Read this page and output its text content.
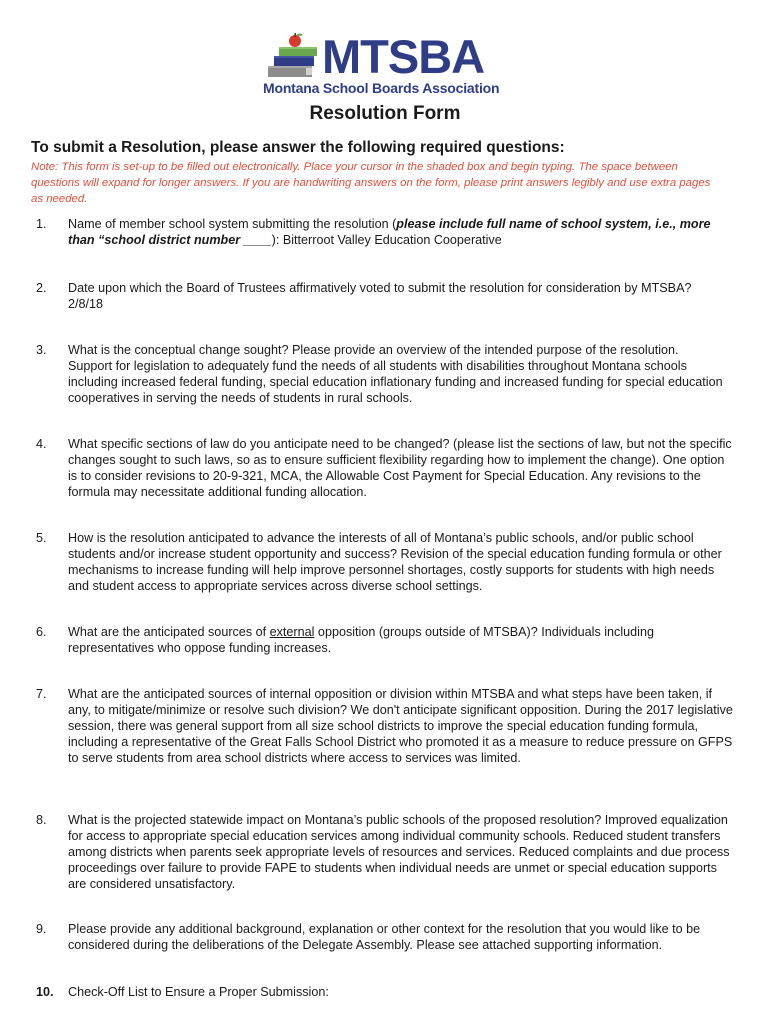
MTSBA
Montana School Boards Association
Resolution Form
To submit a Resolution, please answer the following required questions:
Note: This form is set-up to be filled out electronically. Place your cursor in the shaded box and begin typing. The space between questions will expand for longer answers. If you are handwriting answers on the form, please print answers legibly and use extra pages as needed.
1. Name of member school system submitting the resolution (please include full name of school system, i.e., more than “school district number ____): Bitterroot Valley Education Cooperative
2. Date upon which the Board of Trustees affirmatively voted to submit the resolution for consideration by MTSBA?
2/8/18
3. What is the conceptual change sought? Please provide an overview of the intended purpose of the resolution.
Support for legislation to adequately fund the needs of all students with disabilities throughout Montana schools including increased federal funding, special education inflationary funding and increased funding for special education cooperatives in serving the needs of students in rural schools.
4. What specific sections of law do you anticipate need to be changed? (please list the sections of law, but not the specific changes sought to such laws, so as to ensure sufficient flexibility regarding how to implement the change). One option is to consider revisions to 20-9-321, MCA, the Allowable Cost Payment for Special Education. Any revisions to the formula may necessitate additional funding allocation.
5. How is the resolution anticipated to advance the interests of all of Montana’s public schools, and/or public school students and/or increase student opportunity and success? Revision of the special education funding formula or other mechanisms to increase funding will help improve personnel shortages, costly supports for students with high needs and student access to appropriate services across diverse school settings.
6. What are the anticipated sources of external opposition (groups outside of MTSBA)? Individuals including representatives who oppose funding increases.
7. What are the anticipated sources of internal opposition or division within MTSBA and what steps have been taken, if any, to mitigate/minimize or resolve such division? We don't anticipate significant opposition. During the 2017 legislative session, there was general support from all size school districts to improve the special education funding formula, including a representative of the Great Falls School District who promoted it as a measure to reduce pressure on GFPS to serve students from area school districts where access to services was limited.
8. What is the projected statewide impact on Montana’s public schools of the proposed resolution? Improved equalization for access to appropriate special education services among individual community schools. Reduced student transfers among districts when parents seek appropriate levels of resources and services. Reduced complaints and due process proceedings over failure to provide FAPE to students when individual needs are unmet or special education supports are considered unsatisfactory.
9. Please provide any additional background, explanation or other context for the resolution that you would like to be considered during the deliberations of the Delegate Assembly. Please see attached supporting information.
10. Check-Off List to Ensure a Proper Submission:
